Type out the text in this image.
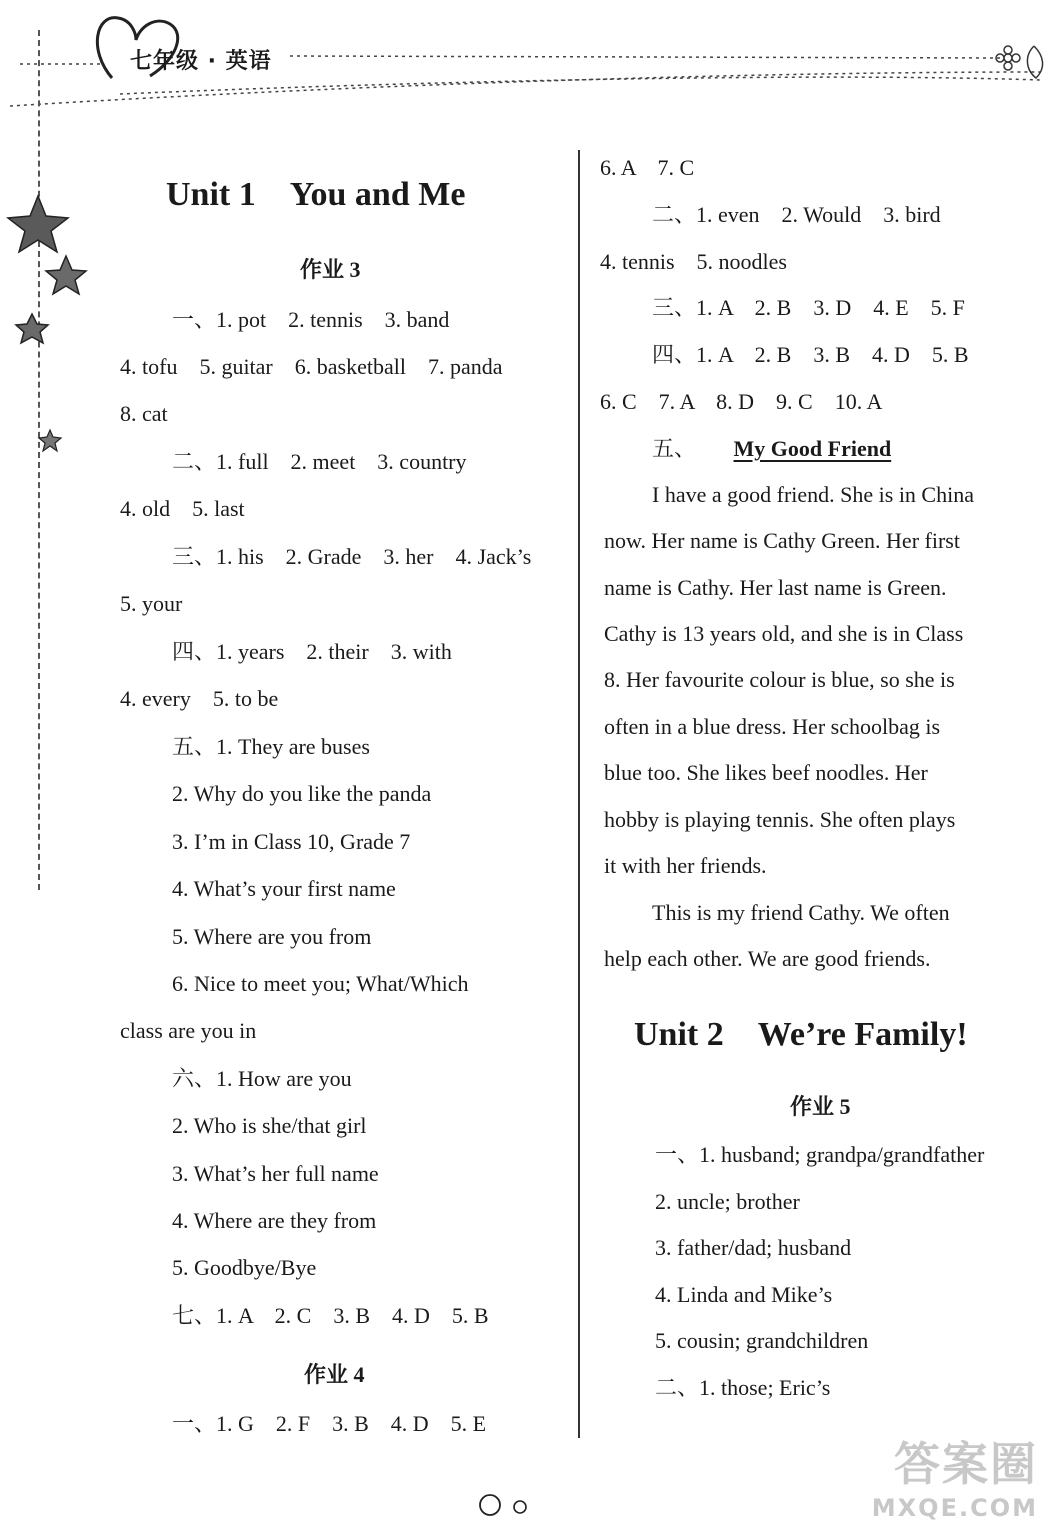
七年级 · 英语
Unit 1　You and Me
作业 3
一、1. pot　2. tennis　3. band
4. tofu　5. guitar　6. basketball　7. panda
8. cat
二、1. full　2. meet　3. country
4. old　5. last
三、1. his　2. Grade　3. her　4. Jack’s
5. your
四、1. years　2. their　3. with
4. every　5. to be
五、1. They are buses
2. Why do you like the panda
3. I’m in Class 10, Grade 7
4. What’s your first name
5. Where are you from
6. Nice to meet you; What/Which
class are you in
六、1. How are you
2. Who is she/that girl
3. What’s her full name
4. Where are they from
5. Goodbye/Bye
七、1. A　2. C　3. B　4. D　5. B
作业 4
一、1. G　2. F　3. B　4. D　5. E
6. A　7. C
二、1. even　2. Would　3. bird
4. tennis　5. noodles
三、1. A　2. B　3. D　4. E　5. F
四、1. A　2. B　3. B　4. D　5. B
6. C　7. A　8. D　9. C　10. A
五、 My Good Friend
I have a good friend. She is in China
now. Her name is Cathy Green. Her first
name is Cathy. Her last name is Green.
Cathy is 13 years old, and she is in Class
8. Her favourite colour is blue, so she is
often in a blue dress. Her schoolbag is
blue too. She likes beef noodles. Her
hobby is playing tennis. She often plays
it with her friends.
This is my friend Cathy. We often
help each other. We are good friends.
Unit 2　We’re Family!
作业 5
一、1. husband; grandpa/grandfather
2. uncle; brother
3. father/dad; husband
4. Linda and Mike’s
5. cousin; grandchildren
二、1. those; Eric’s
答案圈
MXQE.COM
